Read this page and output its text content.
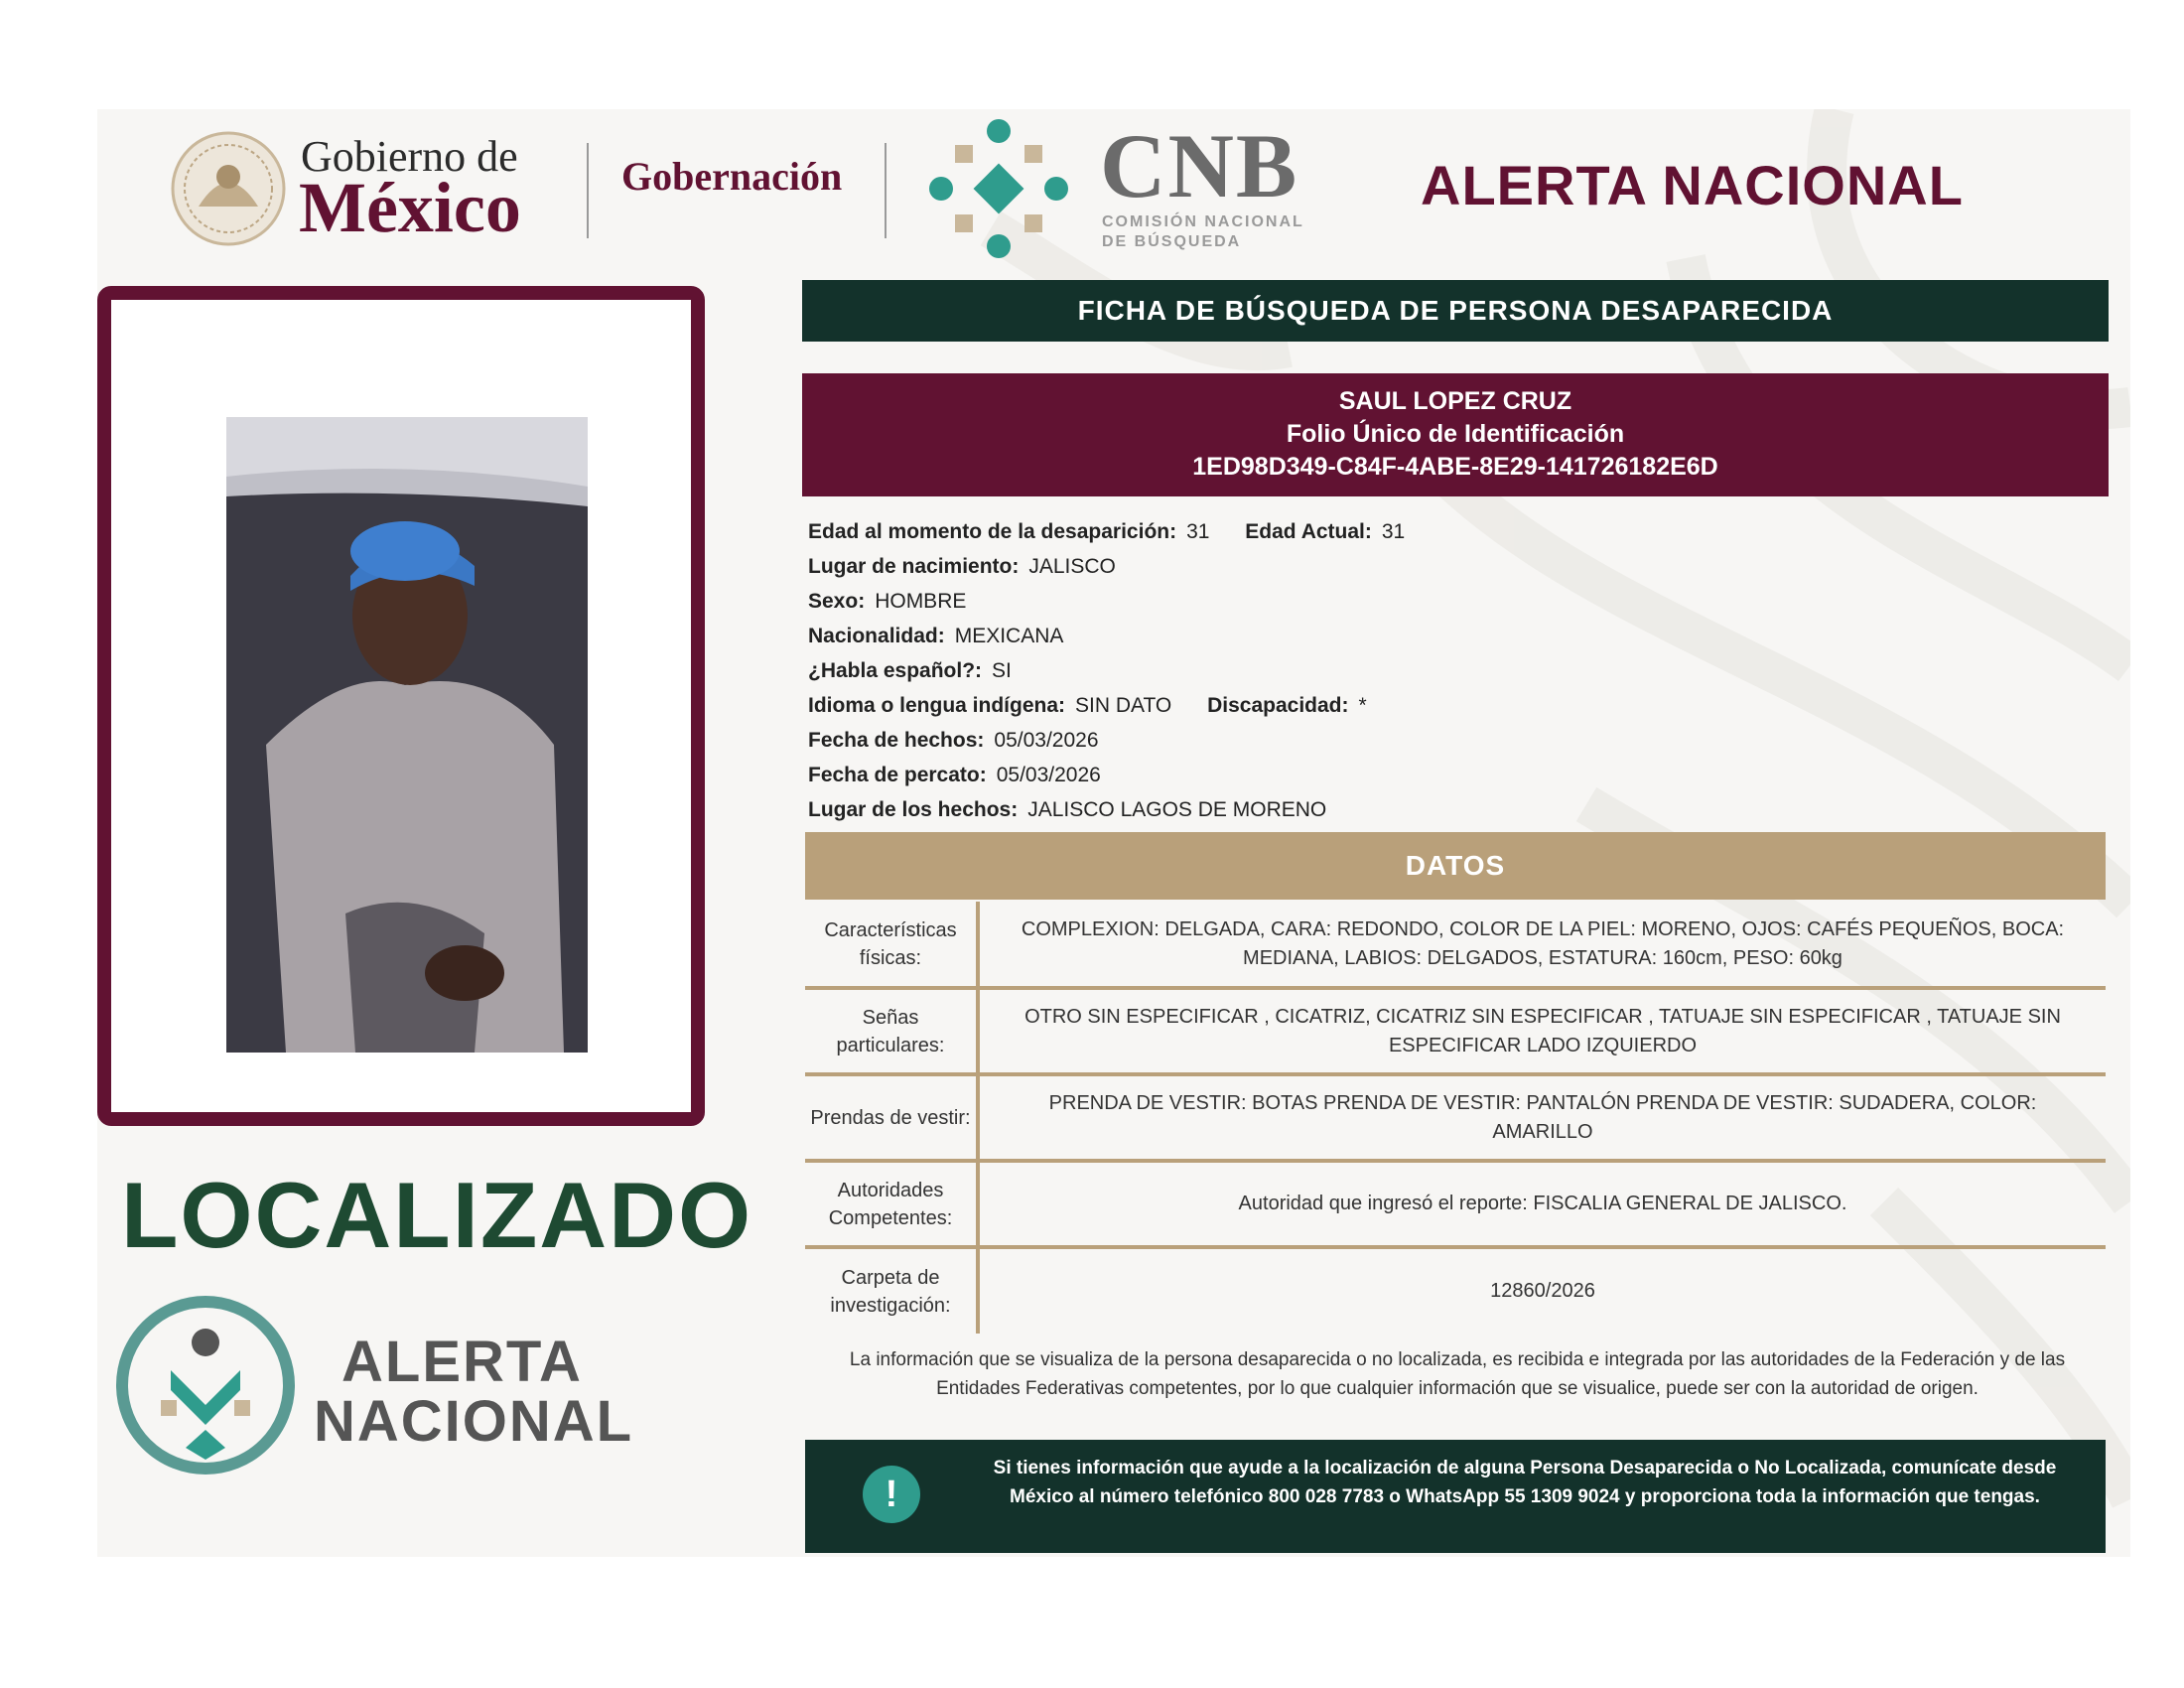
Gobierno de
México	Gobernación	CNB
COMISIÓN NACIONAL
DE BÚSQUEDA
ALERTA NACIONAL
LOCALIZADO
ALERTA
NACIONAL
FICHA DE BÚSQUEDA DE PERSONA DESAPARECIDA
SAUL LOPEZ CRUZ
Folio Único de Identificación
1ED98D349-C84F-4ABE-8E29-141726182E6D
Edad al momento de la desaparición: 31 Edad Actual: 31
Lugar de nacimiento: JALISCO
Sexo: HOMBRE
Nacionalidad: MEXICANA
¿Habla español?: SI
Idioma o lengua indígena: SIN DATO Discapacidad: *
Fecha de hechos: 05/03/2026
Fecha de percato: 05/03/2026
Lugar de los hechos: JALISCO LAGOS DE MORENO
DATOS
Características físicas:	COMPLEXION: DELGADA, CARA: REDONDO, COLOR DE LA PIEL: MORENO, OJOS: CAFÉS PEQUEÑOS, BOCA: MEDIANA, LABIOS: DELGADOS, ESTATURA: 160cm, PESO: 60kg
Señas particulares:	OTRO SIN ESPECIFICAR , CICATRIZ, CICATRIZ SIN ESPECIFICAR , TATUAJE SIN ESPECIFICAR , TATUAJE SIN ESPECIFICAR LADO IZQUIERDO
Prendas de vestir:	PRENDA DE VESTIR: BOTAS PRENDA DE VESTIR: PANTALÓN PRENDA DE VESTIR: SUDADERA, COLOR: AMARILLO
Autoridades Competentes:	Autoridad que ingresó el reporte: FISCALIA GENERAL DE JALISCO.
Carpeta de investigación:	12860/2026
La información que se visualiza de la persona desaparecida o no localizada, es recibida e integrada por las autoridades de la Federación y de las Entidades Federativas competentes, por lo que cualquier información que se visualice, puede ser con la autoridad de origen.
!
Si tienes información que ayude a la localización de alguna Persona Desaparecida o No Localizada, comunícate desde México al número telefónico 800 028 7783 o WhatsApp 55 1309 9024 y proporciona toda la información que tengas.
